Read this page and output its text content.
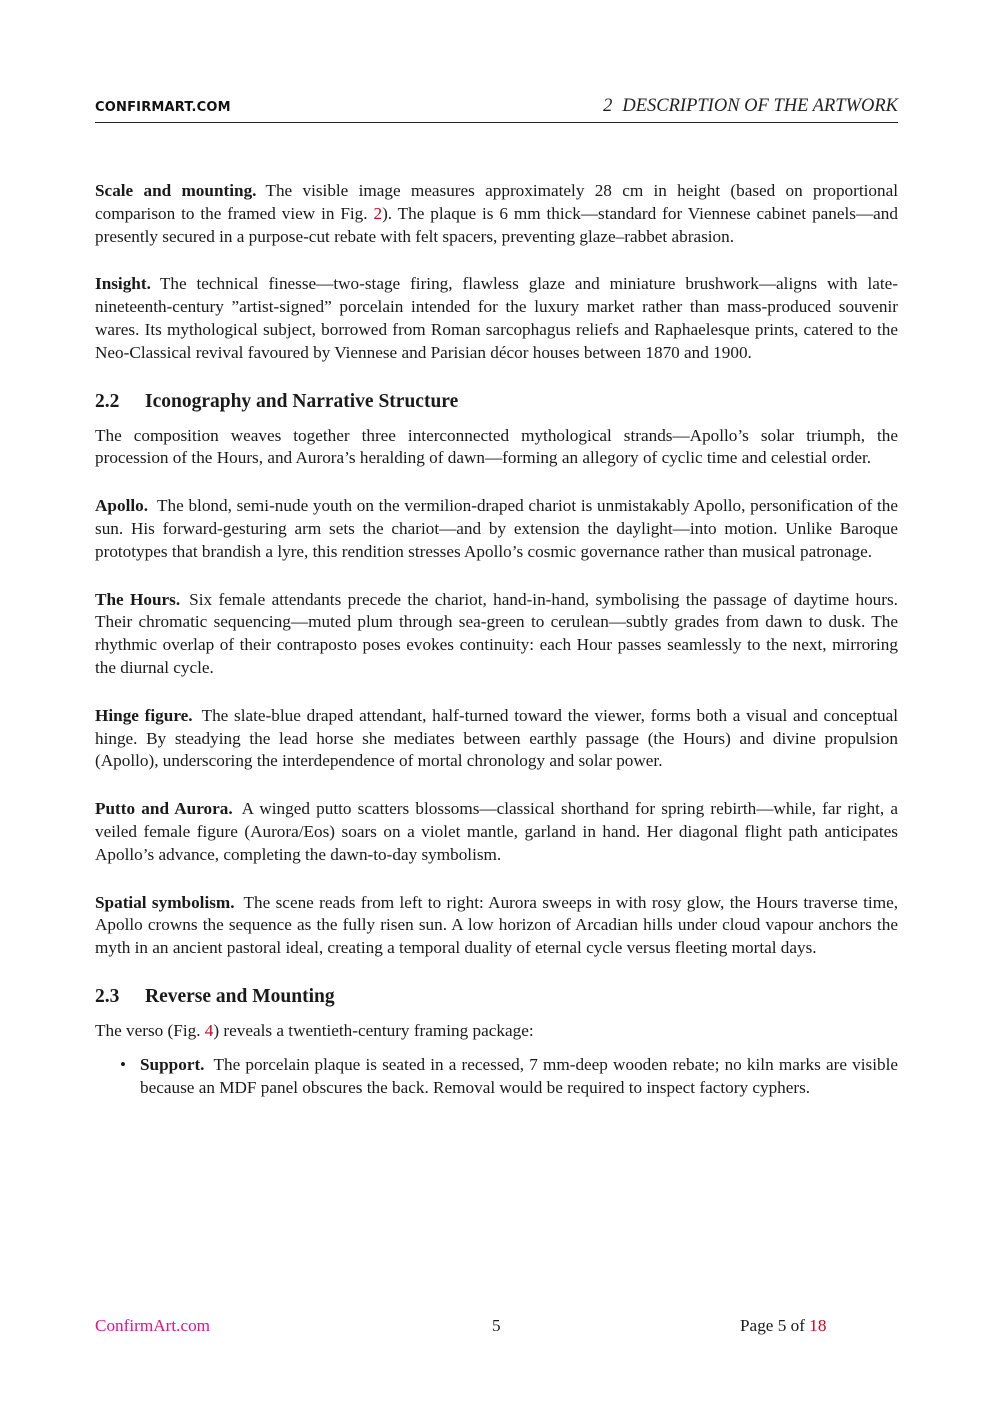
CONFIRMART.COM	2 DESCRIPTION OF THE ARTWORK

Scale and mounting. The visible image measures approximately 28 cm in height (based on proportional comparison to the framed view in Fig. 2). The plaque is 6 mm thick—standard for Viennese cabinet panels—and presently secured in a purpose-cut rebate with felt spacers, preventing glaze–rabbet abrasion.

Insight. The technical finesse—two-stage firing, flawless glaze and miniature brushwork—aligns with late-nineteenth-century ”artist-signed” porcelain intended for the luxury market rather than mass-produced souvenir wares. Its mythological subject, borrowed from Roman sarcophagus reliefs and Raphaelesque prints, catered to the Neo-Classical revival favoured by Viennese and Parisian décor houses between 1870 and 1900.

2.2 Iconography and Narrative Structure

The composition weaves together three interconnected mythological strands—Apollo’s solar triumph, the procession of the Hours, and Aurora’s heralding of dawn—forming an allegory of cyclic time and celestial order.

Apollo. The blond, semi-nude youth on the vermilion-draped chariot is unmistakably Apollo, personification of the sun. His forward-gesturing arm sets the chariot—and by extension the daylight—into motion. Unlike Baroque prototypes that brandish a lyre, this rendition stresses Apollo’s cosmic governance rather than musical patronage.

The Hours. Six female attendants precede the chariot, hand-in-hand, symbolising the passage of daytime hours. Their chromatic sequencing—muted plum through sea-green to cerulean—subtly grades from dawn to dusk. The rhythmic overlap of their contraposto poses evokes continuity: each Hour passes seamlessly to the next, mirroring the diurnal cycle.

Hinge figure. The slate-blue draped attendant, half-turned toward the viewer, forms both a visual and conceptual hinge. By steadying the lead horse she mediates between earthly passage (the Hours) and divine propulsion (Apollo), underscoring the interdependence of mortal chronology and solar power.

Putto and Aurora. A winged putto scatters blossoms—classical shorthand for spring rebirth—while, far right, a veiled female figure (Aurora/Eos) soars on a violet mantle, garland in hand. Her diagonal flight path anticipates Apollo’s advance, completing the dawn-to-day symbolism.

Spatial symbolism. The scene reads from left to right: Aurora sweeps in with rosy glow, the Hours traverse time, Apollo crowns the sequence as the fully risen sun. A low horizon of Arcadian hills under cloud vapour anchors the myth in an ancient pastoral ideal, creating a temporal duality of eternal cycle versus fleeting mortal days.

2.3 Reverse and Mounting

The verso (Fig. 4) reveals a twentieth-century framing package:

• Support. The porcelain plaque is seated in a recessed, 7 mm-deep wooden rebate; no kiln marks are visible because an MDF panel obscures the back. Removal would be required to inspect factory cyphers.
ConfirmArt.com	5	Page 5 of 18
